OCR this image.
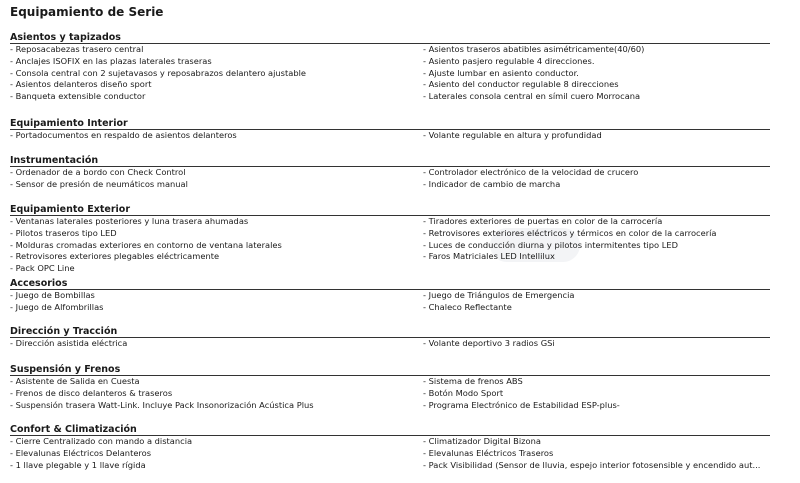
Equipamiento de Serie
Asientos y tapizados
- Reposacabezas trasero central	- Asientos traseros abatibles asimétricamente(40/60)
- Anclajes ISOFIX en las plazas laterales traseras	- Asiento pasjero regulable 4 direcciones.
- Consola central con 2 sujetavasos y reposabrazos delantero ajustable	- Ajuste lumbar en asiento conductor.
- Asientos delanteros diseño sport	- Asiento del conductor regulable 8 direcciones
- Banqueta extensible conductor	- Laterales consola central en símil cuero Morrocana
Equipamiento Interior
- Portadocumentos en respaldo de asientos delanteros	- Volante regulable en altura y profundidad
Instrumentación
- Ordenador de a bordo con Check Control	- Controlador electrónico de la velocidad de crucero
- Sensor de presión de neumáticos manual	- Indicador de cambio de marcha
Equipamiento Exterior
- Ventanas laterales posteriores y luna trasera ahumadas	- Tiradores exteriores de puertas en color de la carrocería
- Pilotos traseros tipo LED	- Retrovisores exteriores eléctricos y térmicos en color de la carrocería
- Molduras cromadas exteriores en contorno de ventana laterales	- Luces de conducción diurna y pilotos intermitentes tipo LED
- Retrovisores exteriores plegables eléctricamente	- Faros Matriciales LED Intellilux
- Pack OPC Line
Accesorios
- Juego de Bombillas	- Juego de Triángulos de Emergencia
- Juego de Alfombrillas	- Chaleco Reflectante
Dirección y Tracción
- Dirección asistida eléctrica	- Volante deportivo 3 radios GSi
Suspensión y Frenos
- Asistente de Salida en Cuesta	- Sistema de frenos ABS
- Frenos de disco delanteros & traseros	- Botón Modo Sport
- Suspensión trasera Watt-Link. Incluye Pack Insonorización Acústica Plus	- Programa Electrónico de Estabilidad ESP-plus-
Confort & Climatización
- Cierre Centralizado con mando a distancia	- Climatizador Digital Bizona
- Elevalunas Eléctricos Delanteros	- Elevalunas Eléctricos Traseros
- 1 llave plegable y 1 llave rígida	- Pack Visibilidad (Sensor de lluvia, espejo interior fotosensible y encendido aut...
